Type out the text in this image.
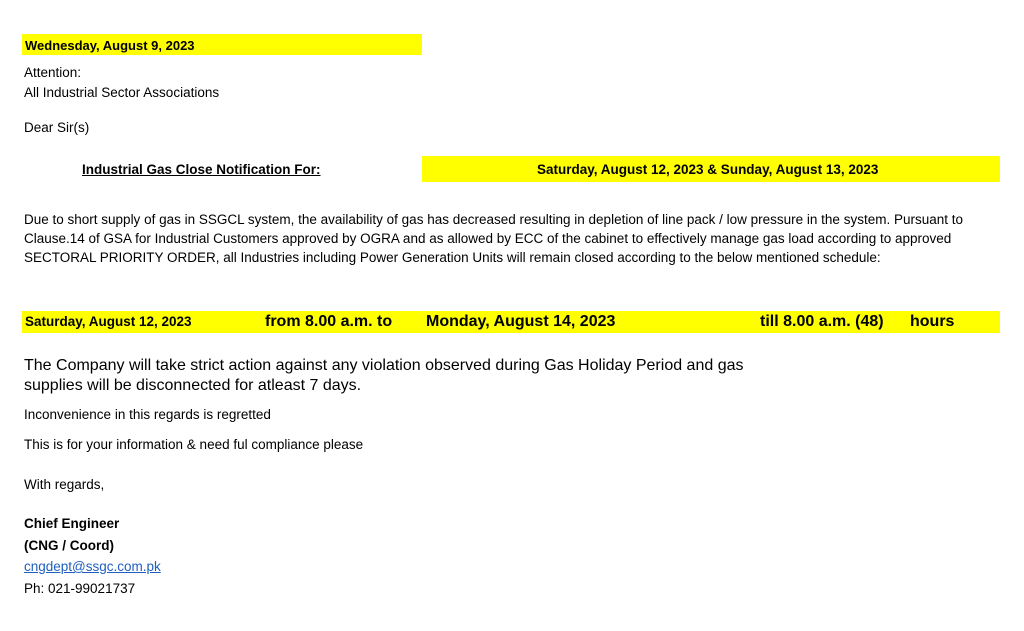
Wednesday, August 9, 2023
Attention:
All Industrial Sector Associations
Dear Sir(s)
Industrial Gas Close Notification For:	Saturday, August 12, 2023 & Sunday, August 13, 2023
Due to short supply of gas in SSGCL system, the availability of gas has decreased resulting in depletion of line pack / low pressure in the system. Pursuant to Clause.14 of GSA for Industrial Customers approved by OGRA and as allowed by ECC of the cabinet to effectively manage gas load according to approved SECTORAL PRIORITY ORDER, all Industries including Power Generation Units will remain closed according to the below mentioned schedule:
Saturday, August 12, 2023	from 8.00 a.m. to Monday, August 14, 2023	till 8.00 a.m. (48) hours
The Company will take strict action against any violation observed during Gas Holiday Period and gas supplies will be disconnected for atleast 7 days.
Inconvenience in this regards is regretted
This is for your information & need ful compliance please
With regards,
Chief Engineer
(CNG / Coord)
cngdept@ssgc.com.pk
Ph: 021-99021737
